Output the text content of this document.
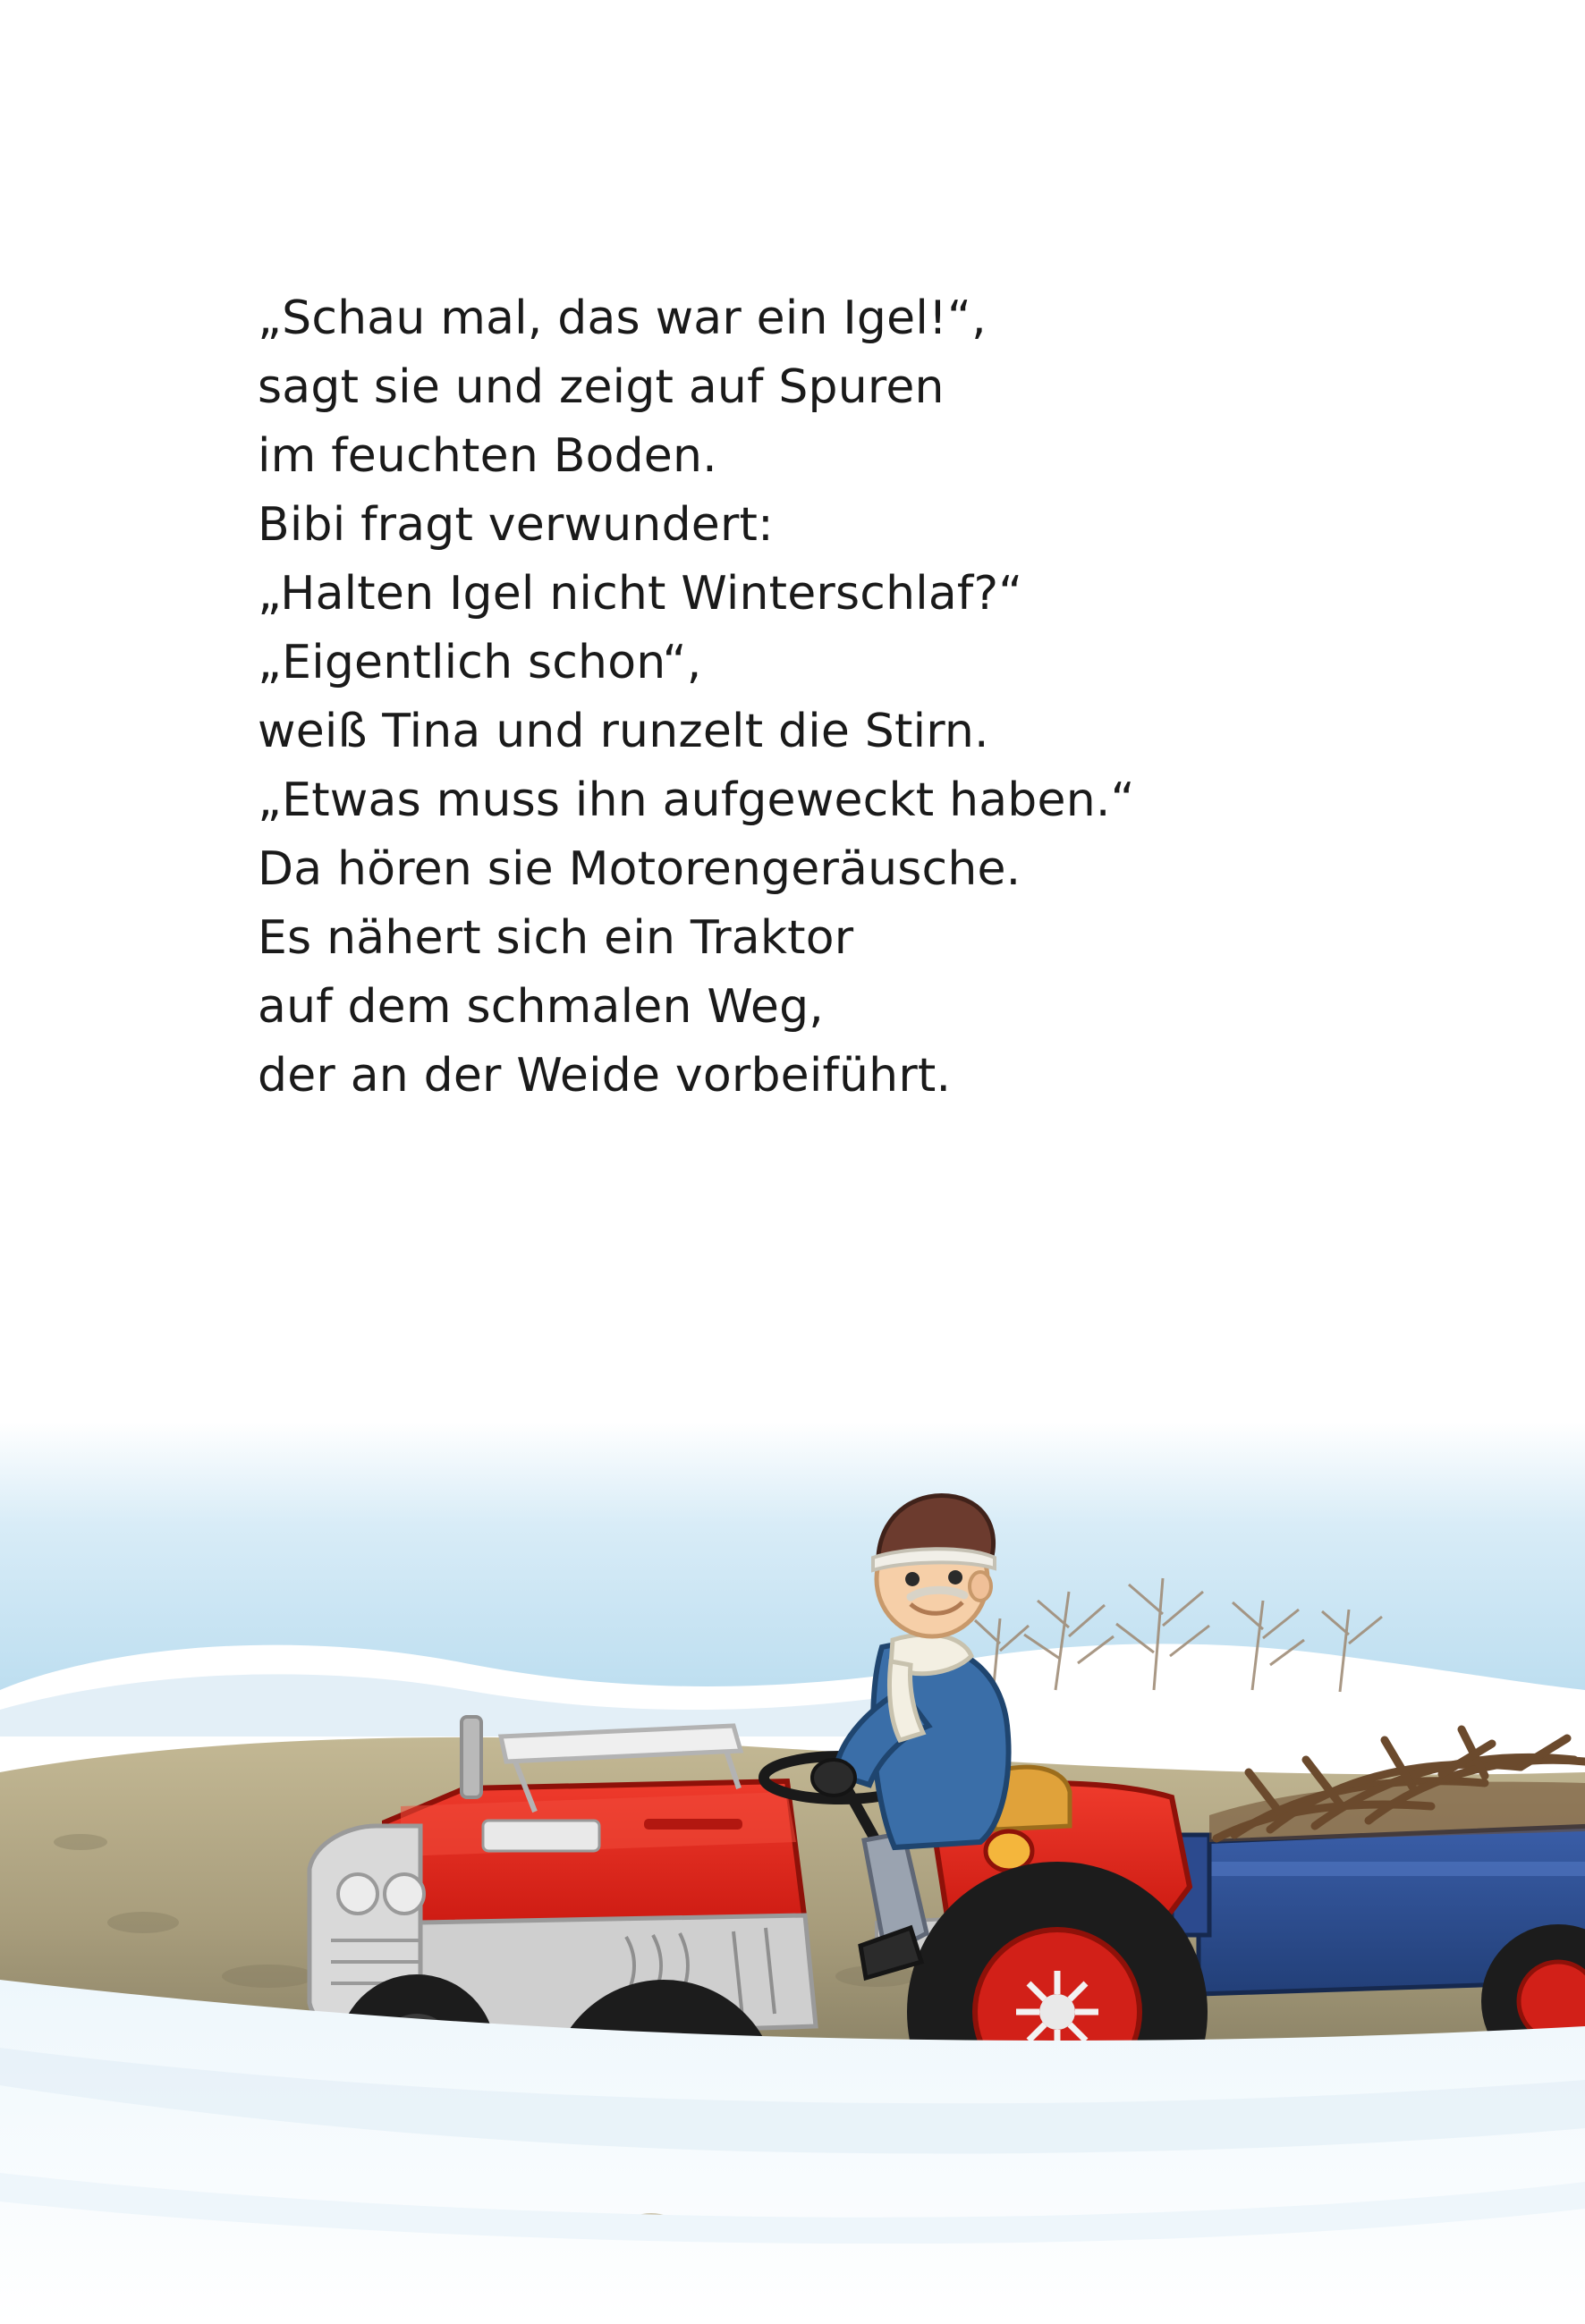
„Schau mal, das war ein Igel!“,
sagt sie und zeigt auf Spuren
im feuchten Boden.
Bibi fragt verwundert:
„Halten Igel nicht Winterschlaf?“
„Eigentlich schon“,
weiß Tina und runzelt die Stirn.
„Etwas muss ihn aufgeweckt haben.“
Da hören sie Motorengeräusche.
Es nähert sich ein Traktor
auf dem schmalen Weg,
der an der Weide vorbeiführt.
